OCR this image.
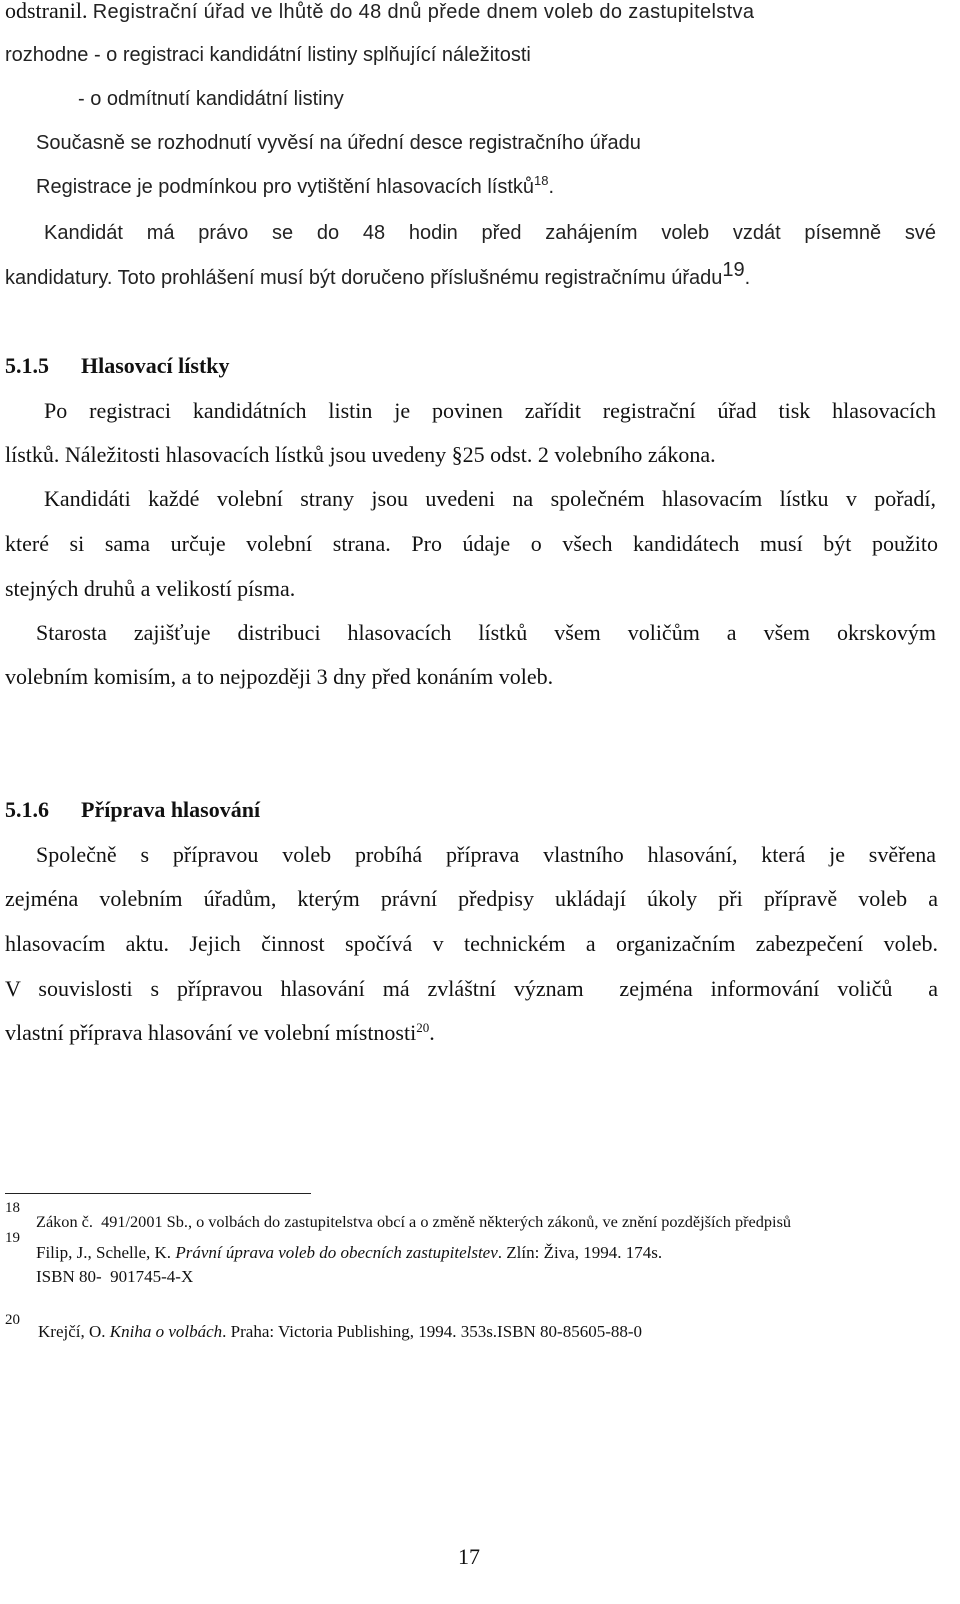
odstranil. Registrační úřad ve lhůtě do 48 dnů přede dnem voleb do zastupitelstva
rozhodne - o registraci kandidátní listiny splňující náležitosti
- o odmítnutí kandidátní listiny
Současně se rozhodnutí vyvěsí na úřední desce registračního úřadu
Registrace je podmínkou pro vytištění hlasovacích lístků$^{18}$.
Kandidát má právo se do 48 hodin před zahájením voleb vzdát písemně své
kandidatury. Toto prohlášení musí být doručeno příslušnému registračnímu úřadu$^{19}$.
5.1.5 Hlasovací lístky
Po registraci kandidátních listin je povinen zařídit registrační úřad tisk hlasovacích
lístků. Náležitosti hlasovacích lístků jsou uvedeny §25 odst. 2 volebního zákona.
Kandidáti každé volební strany jsou uvedeni na společném hlasovacím lístku v pořadí,
které si sama určuje volební strana. Pro údaje o všech kandidátech musí být použito
stejných druhů a velikostí písma.
Starosta zajišťuje distribuci hlasovacích lístků všem voličům a všem okrskovým
volebním komisím, a to nejpozději 3 dny před konáním voleb.
5.1.6 Příprava hlasování
Společně s přípravou voleb probíhá příprava vlastního hlasování, která je svěřena
zejména volebním úřadům, kterým právní předpisy ukládají úkoly při přípravě voleb a
hlasovacím aktu. Jejich činnost spočívá v technickém a organizačním zabezpečení voleb.
V souvislosti s přípravou hlasování má zvláštní význam  zejména informování voličů  a
vlastní příprava hlasování ve volební místnosti$^{20}$.
18
Zákon č.  491/2001 Sb., o volbách do zastupitelstva obcí a o změně některých zákonů, ve znění pozdějších předpisů
19
Filip, J., Schelle, K. Právní úprava voleb do obecních zastupitelstev. Zlín: Živa, 1994. 174s.
ISBN 80-  901745-4-X
20
Krejčí, O. Kniha o volbách. Praha: Victoria Publishing, 1994. 353s.ISBN 80-85605-88-0
17
